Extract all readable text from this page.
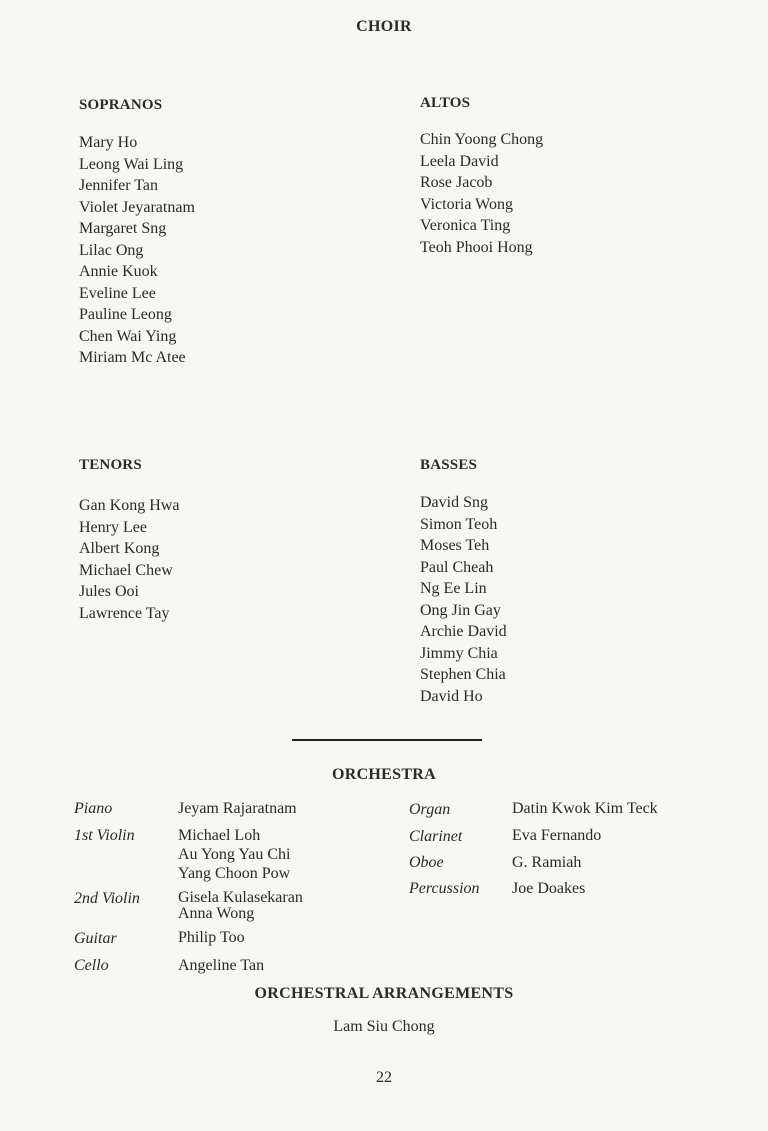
CHOIR
SOPRANOS
Mary Ho
Leong Wai Ling
Jennifer Tan
Violet Jeyaratnam
Margaret Sng
Lilac Ong
Annie Kuok
Eveline Lee
Pauline Leong
Chen Wai Ying
Miriam Mc Atee
ALTOS
Chin Yoong Chong
Leela David
Rose Jacob
Victoria Wong
Veronica Ting
Teoh Phooi Hong
TENORS
Gan Kong Hwa
Henry Lee
Albert Kong
Michael Chew
Jules Ooi
Lawrence Tay
BASSES
David Sng
Simon Teoh
Moses Teh
Paul Cheah
Ng Ee Lin
Ong Jin Gay
Archie David
Jimmy Chia
Stephen Chia
David Ho
ORCHESTRA
Piano	Jeyam Rajaratnam
1st Violin	Michael Loh
Au Yong Yau Chi
Yang Choon Pow
2nd Violin Gisela Kulasekaran
Anna Wong
Guitar	Philip Too
Cello	Angeline Tan
Organ	Datin Kwok Kim Teck
Clarinet	Eva Fernando
Oboe	G. Ramiah
Percussion Joe Doakes
ORCHESTRAL ARRANGEMENTS
Lam Siu Chong
22
